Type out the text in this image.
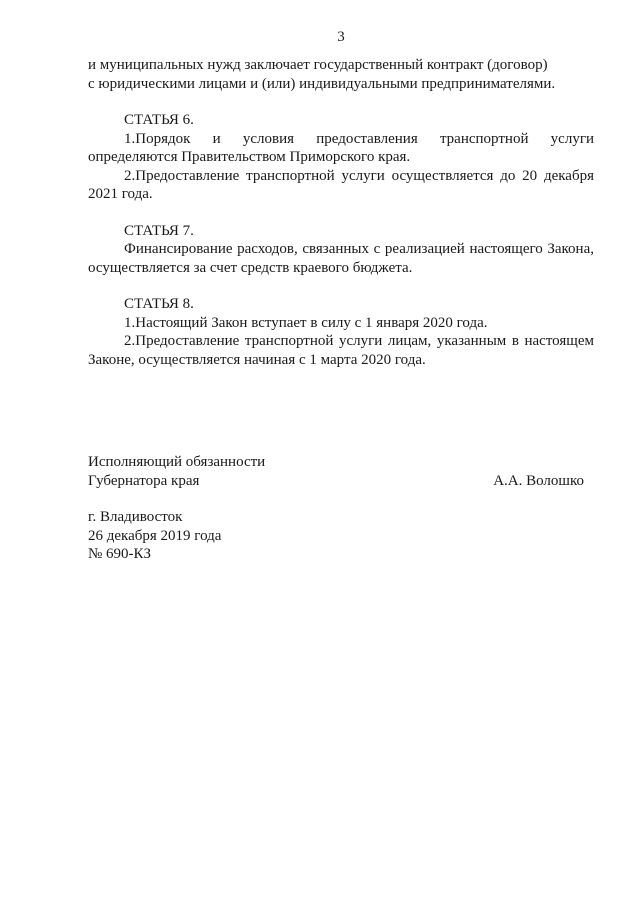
3

и муниципальных нужд заключает государственный контракт (договор)

с юридическими лицами и (или) индивидуальными предпринимателями.

СТАТЬЯ 6.

1.Порядок и условия предоставления транспортной услуги определяются Правительством Приморского края.

2.Предоставление транспортной услуги осуществляется до 20 декабря 2021 года.

СТАТЬЯ 7.

Финансирование расходов, связанных с реализацией настоящего Закона, осуществляется за счет средств краевого бюджета.

СТАТЬЯ 8.

1.Настоящий Закон вступает в силу с 1 января 2020 года.

2.Предоставление транспортной услуги лицам, указанным в настоящем Законе, осуществляется начиная с 1 марта 2020 года.

Исполняющий обязанности

Губернатора края	А.А. Волошко

г. Владивосток

26 декабря 2019 года

№ 690-КЗ
